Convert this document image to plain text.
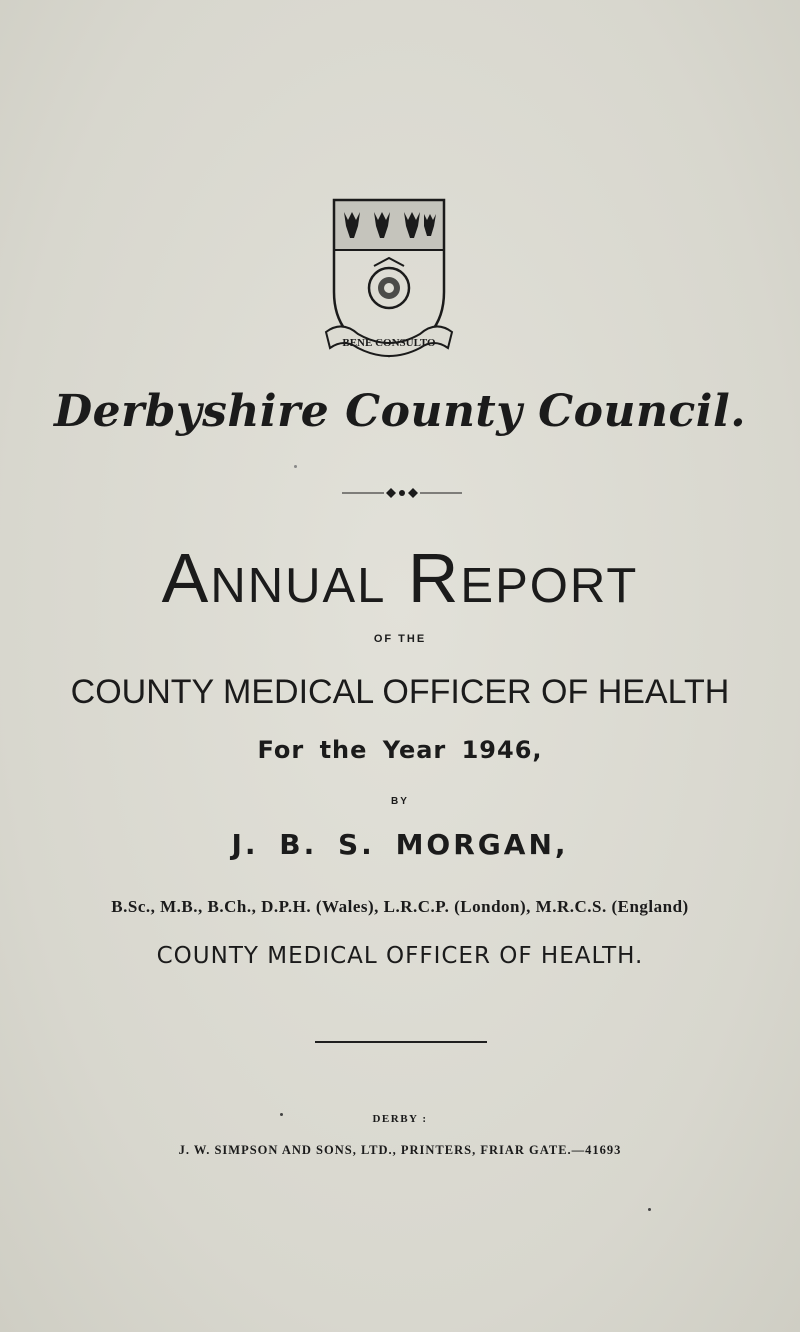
BENE CONSULTO
Derbyshire County Council.
Annual Report
OF THE
COUNTY MEDICAL OFFICER OF HEALTH
For the Year 1946,
BY
J. B. S. MORGAN,
B.Sc., M.B., B.Ch., D.P.H. (Wales), L.R.C.P. (London), M.R.C.S. (England)
COUNTY MEDICAL OFFICER OF HEALTH.
DERBY :
J. W. SIMPSON AND SONS, LTD., PRINTERS, FRIAR GATE.—41693
